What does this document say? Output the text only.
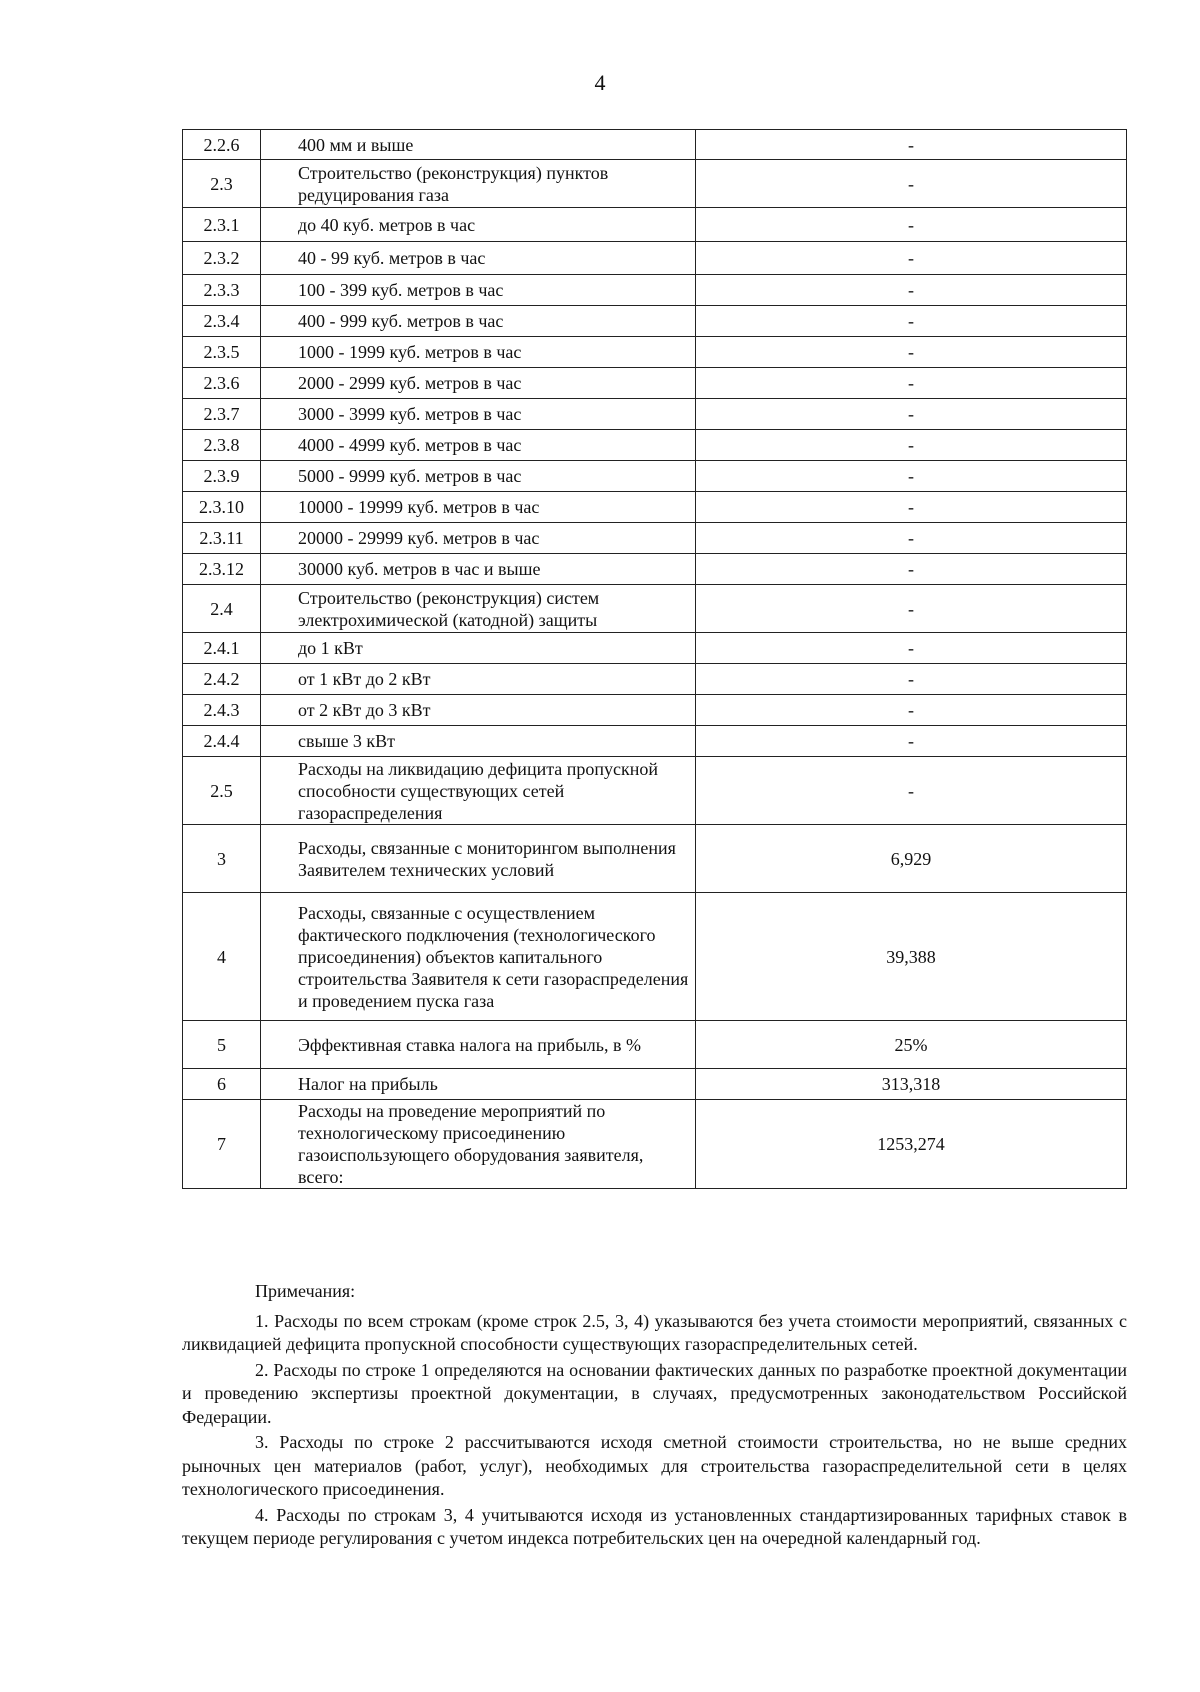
4
2.2.6	400 мм и выше	-
2.3	Строительство (реконструкция) пунктов редуцирования газа	-
2.3.1	до 40 куб. метров в час	-
2.3.2	40 - 99 куб. метров в час	-
2.3.3	100 - 399 куб. метров в час	-
2.3.4	400 - 999 куб. метров в час	-
2.3.5	1000 - 1999 куб. метров в час	-
2.3.6	2000 - 2999 куб. метров в час	-
2.3.7	3000 - 3999 куб. метров в час	-
2.3.8	4000 - 4999 куб. метров в час	-
2.3.9	5000 - 9999 куб. метров в час	-
2.3.10	10000 - 19999 куб. метров в час	-
2.3.11	20000 - 29999 куб. метров в час	-
2.3.12	30000 куб. метров в час и выше	-
2.4	Строительство (реконструкция) систем электрохимической (катодной) защиты	-
2.4.1	до 1 кВт	-
2.4.2	от 1 кВт до 2 кВт	-
2.4.3	от 2 кВт до 3 кВт	-
2.4.4	свыше 3 кВт	-
2.5	Расходы на ликвидацию дефицита пропускной способности существующих сетей газораспределения	-
3	Расходы, связанные с мониторингом выполнения Заявителем технических условий	6,929
4	Расходы, связанные с осуществлением фактического подключения (технологического присоединения) объектов капитального строительства Заявителя к сети газораспределения и проведением пуска газа	39,388
5	Эффективная ставка налога на прибыль, в %	25%
6	Налог на прибыль	313,318
7	Расходы на проведение мероприятий по технологическому присоединению газоиспользующего оборудования заявителя, всего:	1253,274

Примечания:

1. Расходы по всем строкам (кроме строк 2.5, 3, 4) указываются без учета стоимости мероприятий, связанных с ликвидацией дефицита пропускной способности существующих газораспределительных сетей.

2. Расходы по строке 1 определяются на основании фактических данных по разработке проектной документации и проведению экспертизы проектной документации, в случаях, предусмотренных законодательством Российской Федерации.

3. Расходы по строке 2 рассчитываются исходя сметной стоимости строительства, но не выше средних рыночных цен материалов (работ, услуг), необходимых для строительства газораспределительной сети в целях технологического присоединения.

4. Расходы по строкам 3, 4 учитываются исходя из установленных стандартизированных тарифных ставок в текущем периоде регулирования с учетом индекса потребительских цен на очередной календарный год.
